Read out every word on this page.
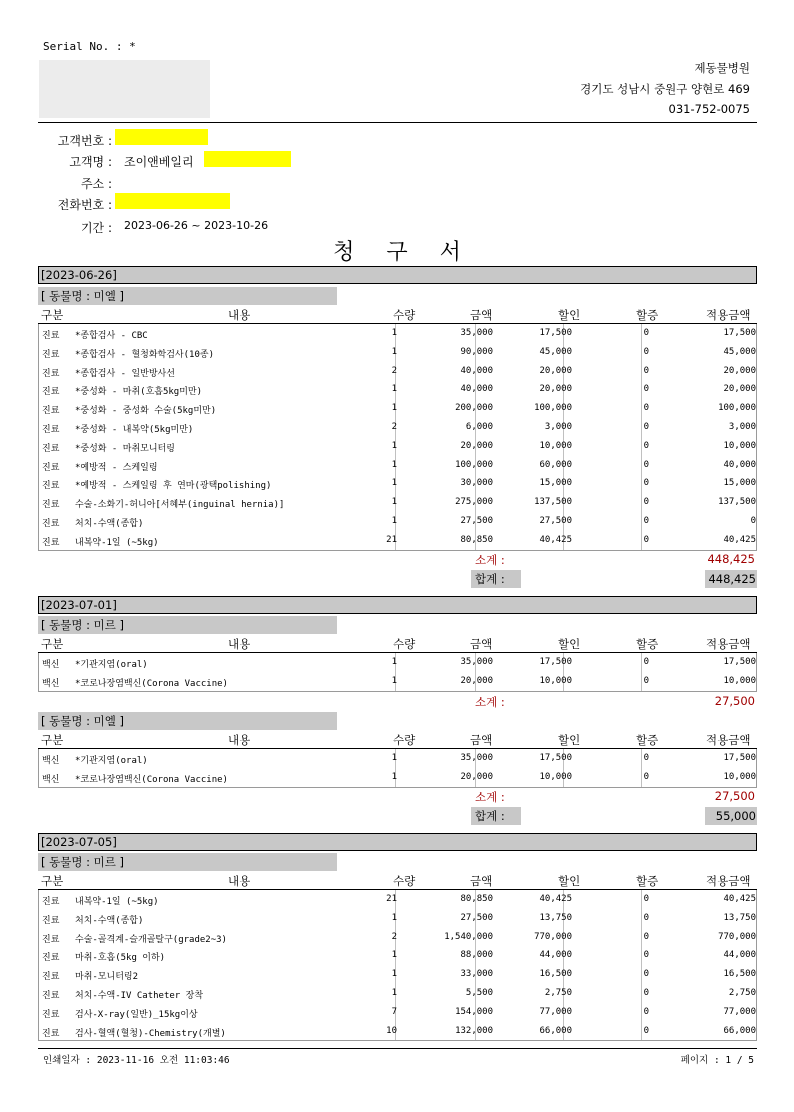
Serial No. : *
제동물병원
경기도 성남시 중원구 양현로 469
031-752-0075
고객번호 :
고객명 : 조이앤베일리
주소 :
전화번호 :
기간 : 2023-06-26 ~ 2023-10-26
청구서
[2023-06-26]
[ 동물명 : 미엘 ]
구분	내용	수량	금액	할인	할증	적용금액
진료 *종합검사 - CBC	1	35,000	17,500	0	17,500
진료 *종합검사 - 혈청화학검사(10종)	1	90,000	45,000	0	45,000
진료 *종합검사 - 일반방사선	2	40,000	20,000	0	20,000
진료 *중성화 - 마취(호흡5kg미만)	1	40,000	20,000	0	20,000
진료 *중성화 - 중성화 수술(5kg미만)	1	200,000	100,000	0	100,000
진료 *중성화 - 내복약(5kg미만)	2	6,000	3,000	0	3,000
진료 *중성화 - 마취모니터링	1	20,000	10,000	0	10,000
진료 *예방적 - 스케일링	1	100,000	60,000	0	40,000
진료 *예방적 - 스케일링 후 연마(광택polishing)	1	30,000	15,000	0	15,000
진료 수술-소화기-허니아[서혜부(inguinal hernia)]	1	275,000	137,500	0	137,500
진료 처치-수액(종합)	1	27,500	27,500	0	0
진료 내복약-1일 (~5kg)	21	80,850	40,425	0	40,425
소계 :	448,425
합계 :	448,425
[2023-07-01]
[ 동물명 : 미르 ]
구분	내용	수량	금액	할인	할증	적용금액
백신 *기관지염(oral)	1	35,000	17,500	0	17,500
백신 *코로나장염백신(Corona Vaccine)	1	20,000	10,000	0	10,000
소계 :	27,500
[ 동물명 : 미엘 ]
구분	내용	수량	금액	할인	할증	적용금액
백신 *기관지염(oral)	1	35,000	17,500	0	17,500
백신 *코로나장염백신(Corona Vaccine)	1	20,000	10,000	0	10,000
소계 :	27,500
합계 :	55,000
[2023-07-05]
[ 동물명 : 미르 ]
구분	내용	수량	금액	할인	할증	적용금액
진료 내복약-1일 (~5kg)	21	80,850	40,425	0	40,425
진료 처치-수액(종합)	1	27,500	13,750	0	13,750
진료 수술-골격계-슬개골탈구(grade2~3)	2	1,540,000	770,000	0	770,000
진료 마취-호흡(5kg 이하)	1	88,000	44,000	0	44,000
진료 마취-모니터링2	1	33,000	16,500	0	16,500
진료 처치-수액-IV Catheter 장착	1	5,500	2,750	0	2,750
진료 검사-X-ray(일반)_15kg이상	7	154,000	77,000	0	77,000
진료 검사-혈액(혈청)-Chemistry(개별)	10	132,000	66,000	0	66,000
인쇄일자 : 2023-11-16 오전 11:03:46	페이지 : 1 / 5
